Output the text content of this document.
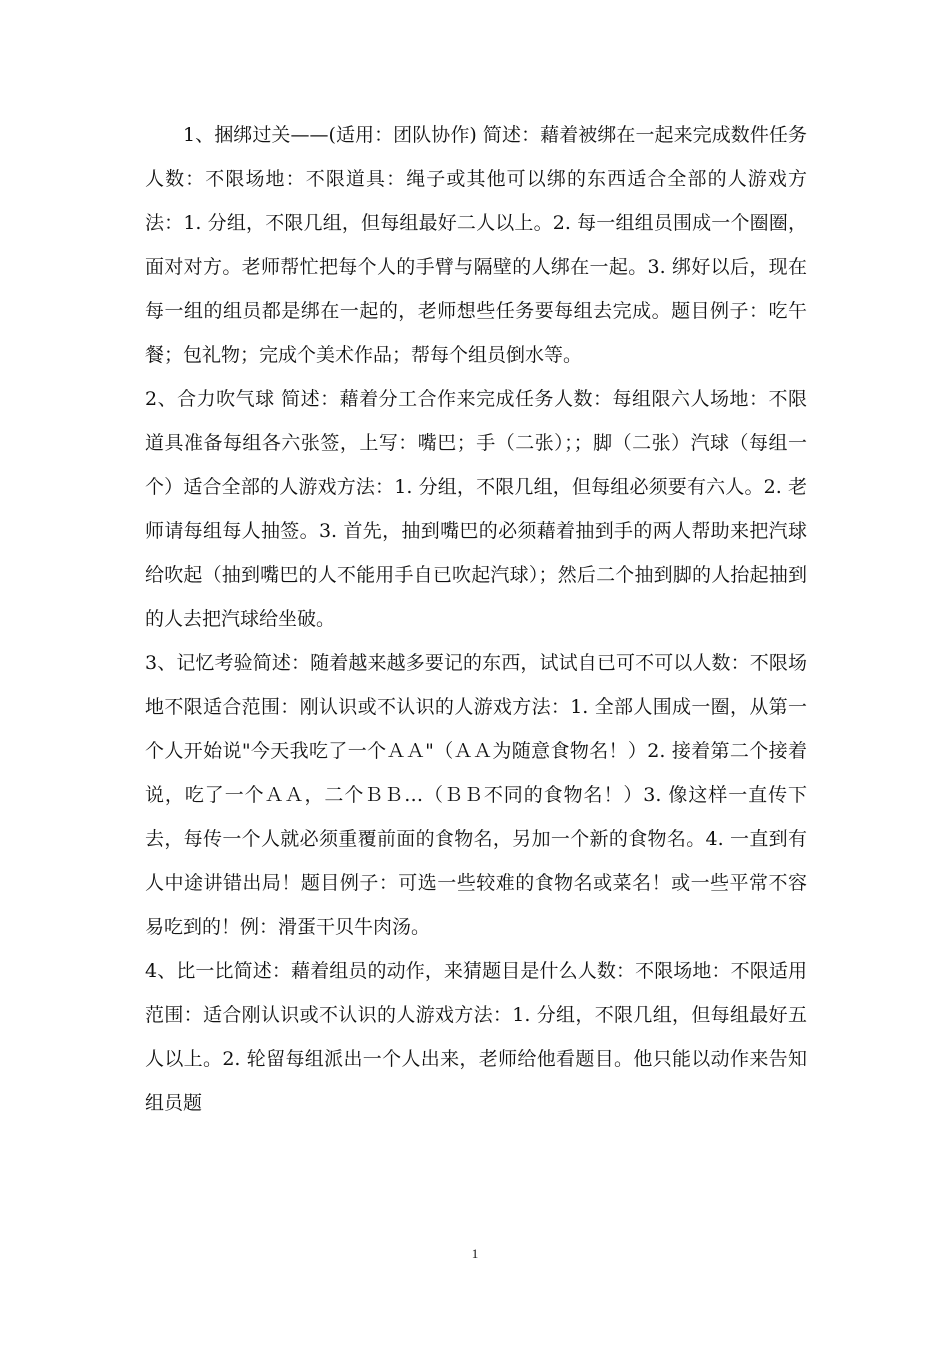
1、捆绑过关——(适用：团队协作) 简述：藉着被绑在一起来完成数件任务人数：不限场地：不限道具：绳子或其他可以绑的东西适合全部的人游戏方法：1. 分组，不限几组，但每组最好二人以上。2. 每一组组员围成一个圈圈，面对对方。老师帮忙把每个人的手臂与隔壁的人绑在一起。3. 绑好以后，现在每一组的组员都是绑在一起的，老师想些任务要每组去完成。题目例子：吃午餐；包礼物；完成个美术作品；帮每个组员倒水等。

2、合力吹气球 简述：藉着分工合作来完成任务人数：每组限六人场地：不限道具准备每组各六张签，上写：嘴巴；手（二张）；；脚（二张）汽球（每组一个）适合全部的人游戏方法：1. 分组，不限几组，但每组必须要有六人。2. 老师请每组每人抽签。3. 首先，抽到嘴巴的必须藉着抽到手的两人帮助来把汽球给吹起（抽到嘴巴的人不能用手自已吹起汽球）；然后二个抽到脚的人抬起抽到的人去把汽球给坐破。

3、记忆考验简述：随着越来越多要记的东西，试试自已可不可以人数：不限场地不限适合范围：刚认识或不认识的人游戏方法：1. 全部人围成一圈，从第一个人开始说"今天我吃了一个ＡＡ"（ＡＡ为随意食物名！）2. 接着第二个接着说，吃了一个ＡＡ，二个ＢＢ…（ＢＢ不同的食物名！）3. 像这样一直传下去，每传一个人就必须重覆前面的食物名，另加一个新的食物名。4. 一直到有人中途讲错出局！题目例子：可选一些较难的食物名或菜名！或一些平常不容易吃到的！例：滑蛋干贝牛肉汤。

4、比一比简述：藉着组员的动作，来猜题目是什么人数：不限场地：不限适用范围：适合刚认识或不认识的人游戏方法：1. 分组，不限几组，但每组最好五人以上。2. 轮留每组派出一个人出来，老师给他看题目。他只能以动作来告知组员题

1
